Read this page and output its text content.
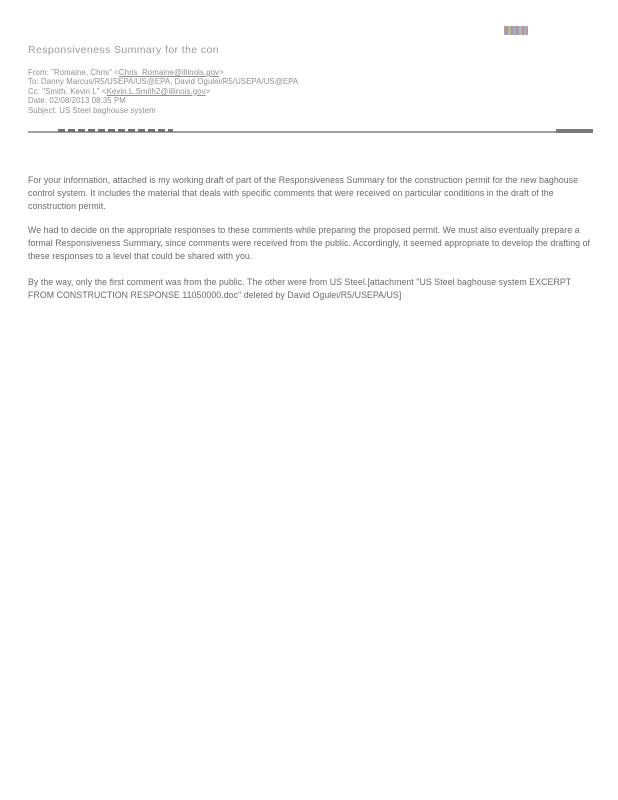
Responsiveness Summary for the con
From: "Romaine, Chris" <Chris_Romaine@illinois.gov>
To: Danny Marcus/R5/USEPA/US@EPA, David Ogulei/R5/USEPA/US@EPA
Cc: "Smith, Kevin L" <Kevin.L.Smith2@illinois.gov>
Date: 02/08/2013 08:35 PM
Subject: US Steel baghouse system
For your information, attached is my working draft of part of the Responsiveness Summary for the construction permit for the new baghouse control system. It includes the material that deals with specific comments that were received on particular conditions in the draft of the construction permit.
We had to decide on the appropriate responses to these comments while preparing the proposed permit. We must also eventually prepare a formal Responsiveness Summary, since comments were received from the public. Accordingly, it seemed appropriate to develop the drafting of these responses to a level that could be shared with you.
By the way, only the first comment was from the public. The other were from US Steel.[attachment "US Steel baghouse system EXCERPT FROM CONSTRUCTION RESPONSE 11050000.doc" deleted by David Ogulei/R5/USEPA/US]
